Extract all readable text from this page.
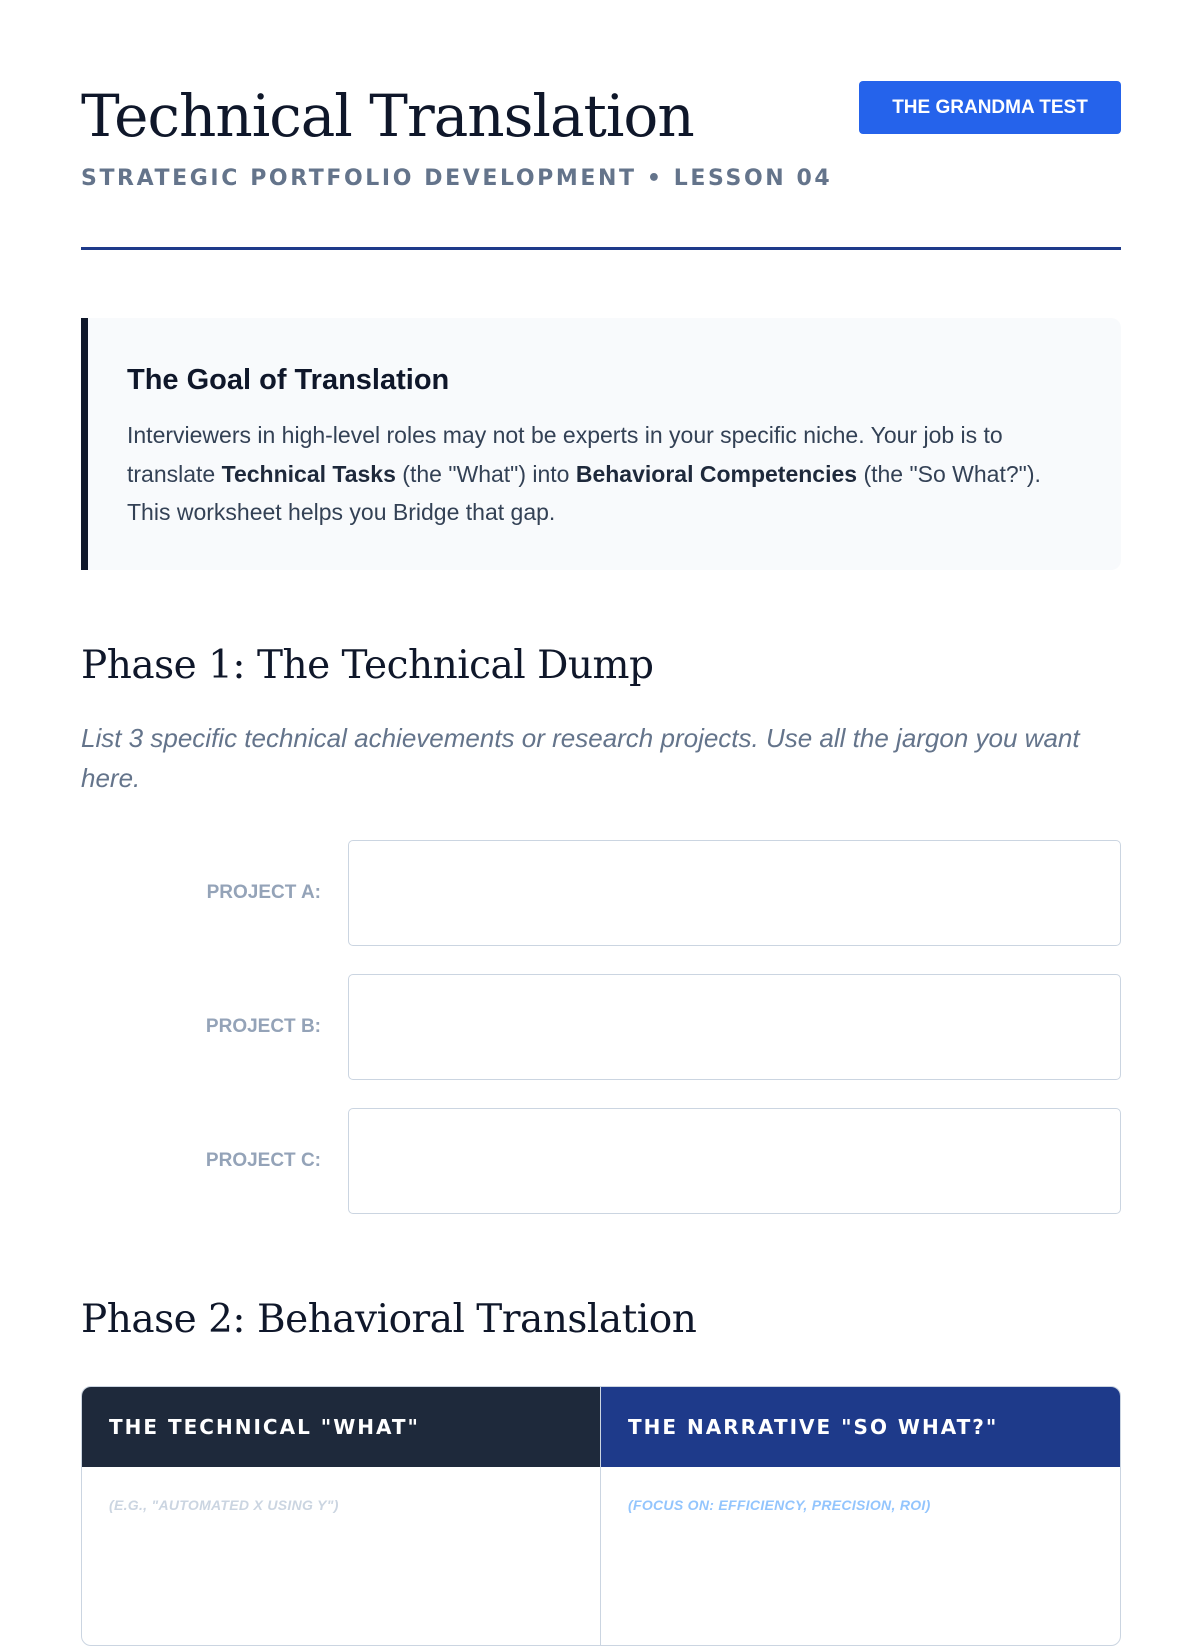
Technical Translation
STRATEGIC PORTFOLIO DEVELOPMENT • LESSON 04
THE GRANDMA TEST
The Goal of Translation

Interviewers in high-level roles may not be experts in your specific niche. Your job is to translate Technical Tasks (the "What") into Behavioral Competencies (the "So What?"). This worksheet helps you Bridge that gap.

Phase 1: The Technical Dump

List 3 specific technical achievements or research projects. Use all the jargon you want here.

PROJECT A:
PROJECT B:
PROJECT C:
Phase 2: Behavioral Translation
THE TECHNICAL "WHAT"
(E.G., "AUTOMATED X USING Y")
THE NARRATIVE "SO WHAT?"
(FOCUS ON: EFFICIENCY, PRECISION, ROI)
